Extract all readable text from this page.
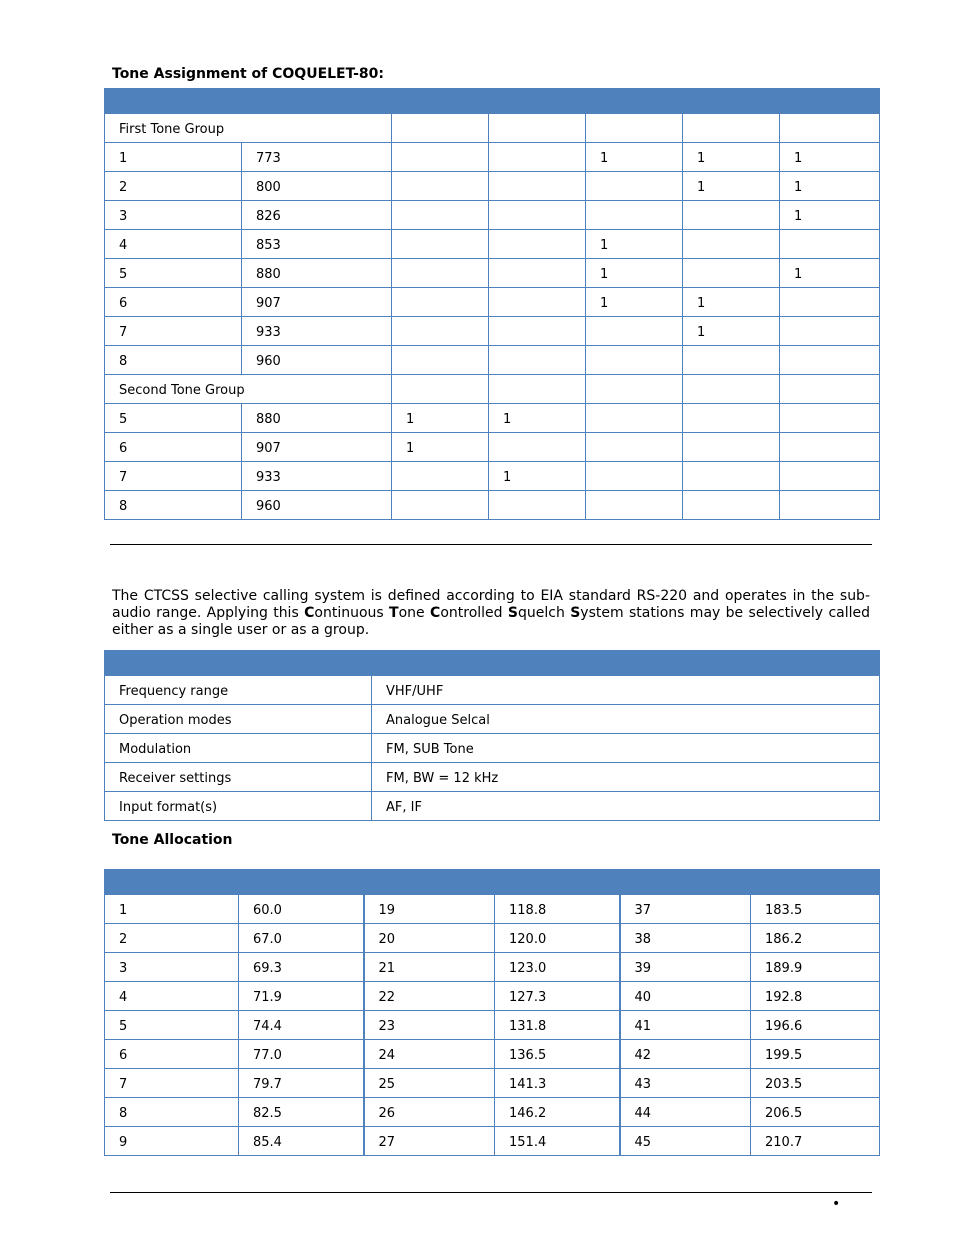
Tone Assignment of COQUELET-80:

First Tone Group						
1	773			1	1	1
2	800				1	1
3	826					1
4	853			1		
5	880			1		1
6	907			1	1	
7	933				1	
8	960					
Second Tone Group						
5	880	1	1			
6	907	1				
7	933		1			
8	960					

The CTCSS selective calling system is defined according to EIA standard RS-220 and operates in the sub-audio range. Applying this Continuous Tone Controlled Squelch System stations may be selectively called either as a single user or as a group.

Frequency range	VHF/UHF
Operation modes	Analogue Selcal
Modulation	FM, SUB Tone
Receiver settings	FM, BW = 12 kHz
Input format(s)	AF, IF
Tone Allocation

1	60.0	19	118.8	37	183.5
2	67.0	20	120.0	38	186.2
3	69.3	21	123.0	39	189.9
4	71.9	22	127.3	40	192.8
5	74.4	23	131.8	41	196.6
6	77.0	24	136.5	42	199.5
7	79.7	25	141.3	43	203.5
8	82.5	26	146.2	44	206.5
9	85.4	27	151.4	45	210.7
•
